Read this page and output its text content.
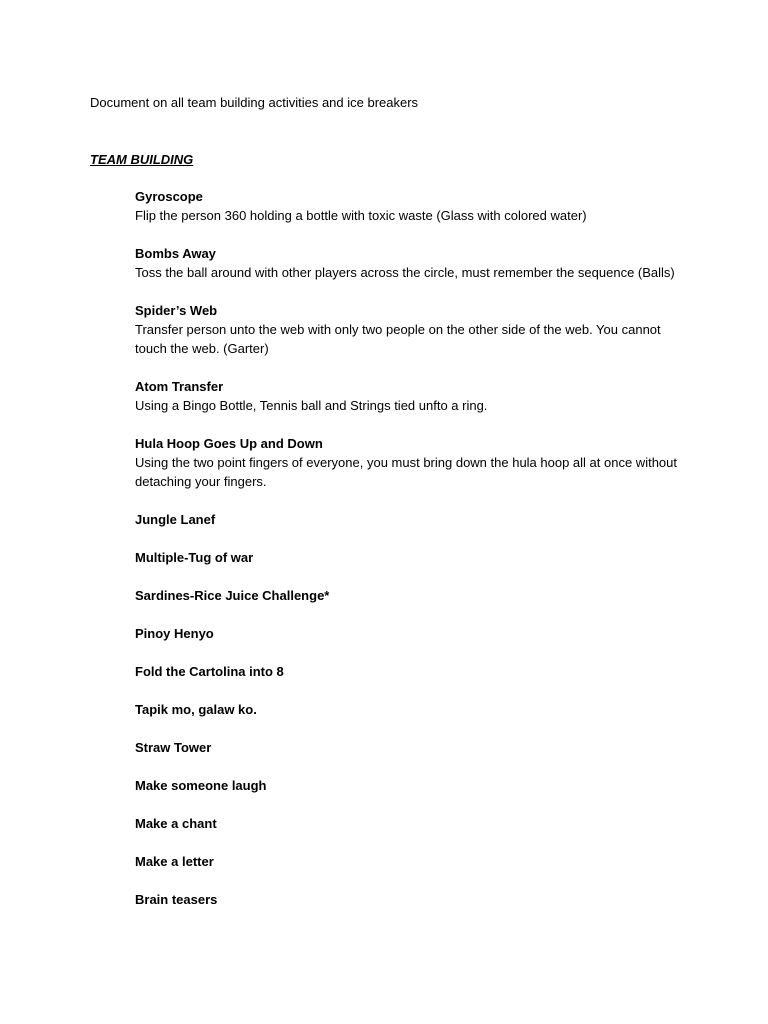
Document on all team building activities and ice breakers

TEAM BUILDING

Gyroscope
Flip the person 360 holding a bottle with toxic waste (Glass with colored water)
Bombs Away
Toss the ball around with other players across the circle, must remember the sequence (Balls)
Spider’s Web
Transfer person unto the web with only two people on the other side of the web. You cannot touch the web. (Garter)
Atom Transfer
Using a Bingo Bottle, Tennis ball and Strings tied unfto a ring.
Hula Hoop Goes Up and Down
Using the two point fingers of everyone, you must bring down the hula hoop all at once without detaching your fingers.
Jungle Lanef
Multiple-Tug of war
Sardines-Rice Juice Challenge*
Pinoy Henyo
Fold the Cartolina into 8
Tapik mo, galaw ko.
Straw Tower
Make someone laugh
Make a chant
Make a letter
Brain teasers
